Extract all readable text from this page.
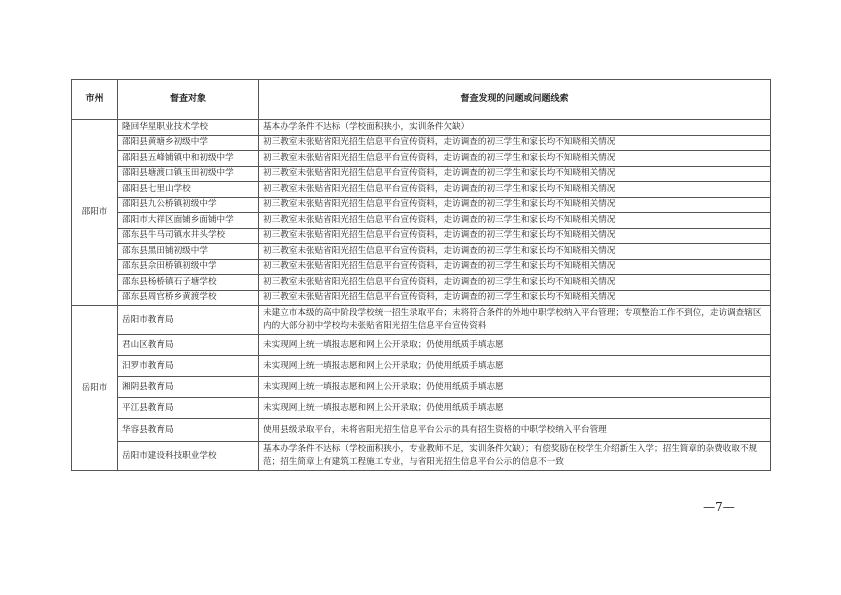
市州	督查对象	督查发现的问题或问题线索
邵阳市	隆回华星职业技术学校	基本办学条件不达标（学校面积狭小，实训条件欠缺）
	邵阳县黄塘乡初级中学	初三教室未张贴省阳光招生信息平台宣传资料，走访调查的初三学生和家长均不知晓相关情况
	邵阳县五峰铺镇中和初级中学	初三教室未张贴省阳光招生信息平台宣传资料，走访调查的初三学生和家长均不知晓相关情况
	邵阳县塘渡口镇玉田初级中学	初三教室未张贴省阳光招生信息平台宣传资料，走访调查的初三学生和家长均不知晓相关情况
	邵阳县七里山学校	初三教室未张贴省阳光招生信息平台宣传资料，走访调查的初三学生和家长均不知晓相关情况
	邵阳县九公桥镇初级中学	初三教室未张贴省阳光招生信息平台宣传资料，走访调查的初三学生和家长均不知晓相关情况
	邵阳市大祥区面铺乡面铺中学	初三教室未张贴省阳光招生信息平台宣传资料，走访调查的初三学生和家长均不知晓相关情况
	邵东县牛马司镇水井头学校	初三教室未张贴省阳光招生信息平台宣传资料，走访调查的初三学生和家长均不知晓相关情况
	邵东县黑田铺初级中学	初三教室未张贴省阳光招生信息平台宣传资料，走访调查的初三学生和家长均不知晓相关情况
	邵东县佘田桥镇初级中学	初三教室未张贴省阳光招生信息平台宣传资料，走访调查的初三学生和家长均不知晓相关情况
	邵东县杨桥镇石子塘学校	初三教室未张贴省阳光招生信息平台宣传资料，走访调查的初三学生和家长均不知晓相关情况
	邵东县周官桥乡黄渡学校	初三教室未张贴省阳光招生信息平台宣传资料，走访调查的初三学生和家长均不知晓相关情况
岳阳市	岳阳市教育局	未建立市本级的高中阶段学校统一招生录取平台；未将符合条件的外地中职学校纳入平台管理；专项整治工作不到位，走访调查辖区内的大部分初中学校均未张贴省阳光招生信息平台宣传资料
	君山区教育局	未实现网上统一填报志愿和网上公开录取；仍使用纸质手填志愿
	汨罗市教育局	未实现网上统一填报志愿和网上公开录取；仍使用纸质手填志愿
	湘阴县教育局	未实现网上统一填报志愿和网上公开录取；仍使用纸质手填志愿
	平江县教育局	未实现网上统一填报志愿和网上公开录取；仍使用纸质手填志愿
	华容县教育局	使用县级录取平台，未将省阳光招生信息平台公示的具有招生资格的中职学校纳入平台管理
	岳阳市建设科技职业学校	基本办学条件不达标（学校面积狭小，专业教师不足，实训条件欠缺）；有偿奖励在校学生介绍新生入学；招生简章的杂费收取不规范；招生简章上有建筑工程施工专业，与省阳光招生信息平台公示的信息不一致
—7—
